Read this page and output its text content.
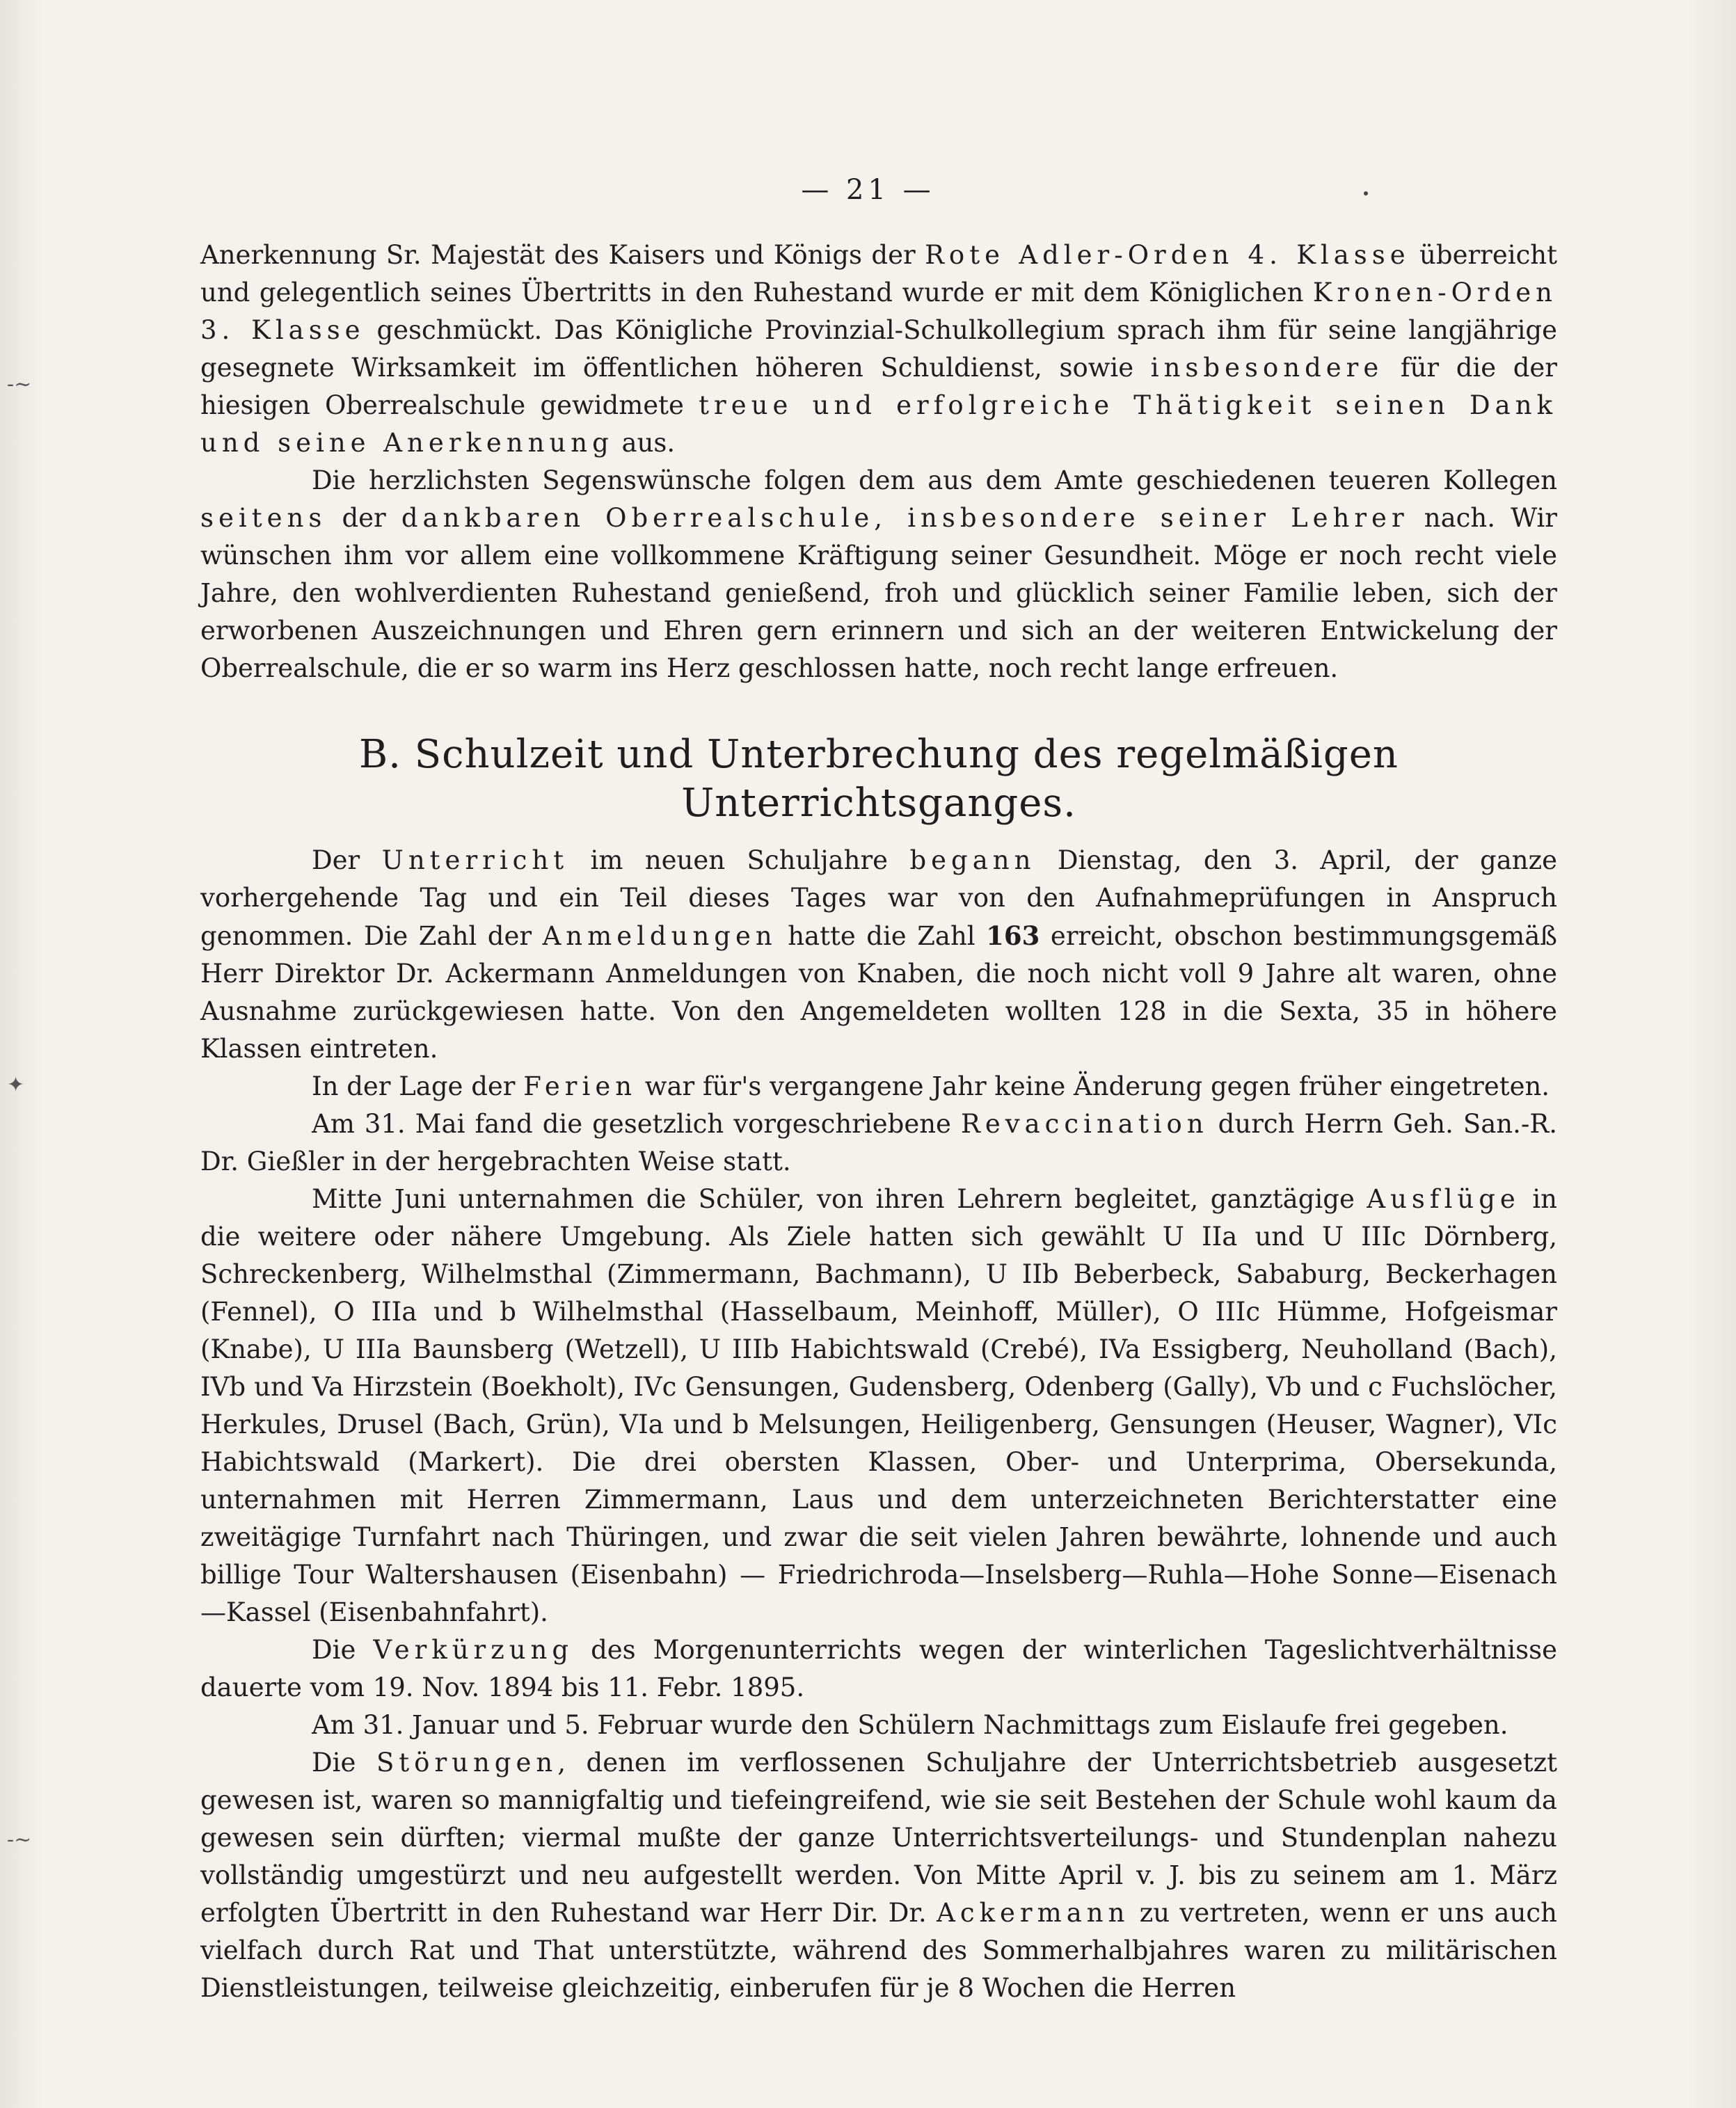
-~
✦
-~
— 21 —

Anerkennung Sr. Majestät des Kaisers und Königs der Rote Adler-Orden 4. Klasse überreicht und gelegentlich seines Übertritts in den Ruhestand wurde er mit dem Königlichen Kronen-Orden 3. Klasse geschmückt. Das Königliche Provinzial-Schulkollegium sprach ihm für seine langjährige gesegnete Wirksamkeit im öffentlichen höheren Schuldienst, sowie insbesondere für die der hiesigen Oberrealschule gewidmete treue und erfolgreiche Thätigkeit seinen Dank und seine Anerkennung aus.

Die herzlichsten Segenswünsche folgen dem aus dem Amte geschiedenen teueren Kollegen seitens der dankbaren Oberrealschule, insbesondere seiner Lehrer nach. Wir wünschen ihm vor allem eine vollkommene Kräftigung seiner Gesundheit. Möge er noch recht viele Jahre, den wohlverdienten Ruhestand genießend, froh und glücklich seiner Familie leben, sich der erworbenen Auszeichnungen und Ehren gern erinnern und sich an der weiteren Entwickelung der Oberrealschule, die er so warm ins Herz geschlossen hatte, noch recht lange erfreuen.

B. Schulzeit und Unterbrechung des regelmäßigen Unterrichtsganges.

Der Unterricht im neuen Schuljahre begann Dienstag, den 3. April, der ganze vorhergehende Tag und ein Teil dieses Tages war von den Aufnahmeprüfungen in Anspruch genommen. Die Zahl der Anmeldungen hatte die Zahl 163 erreicht, obschon bestimmungsgemäß Herr Direktor Dr. Ackermann Anmeldungen von Knaben, die noch nicht voll 9 Jahre alt waren, ohne Ausnahme zurückgewiesen hatte. Von den Angemeldeten wollten 128 in die Sexta, 35 in höhere Klassen eintreten.

In der Lage der Ferien war für's vergangene Jahr keine Änderung gegen früher eingetreten.

Am 31. Mai fand die gesetzlich vorgeschriebene Revaccination durch Herrn Geh. San.-R. Dr. Gießler in der hergebrachten Weise statt.

Mitte Juni unternahmen die Schüler, von ihren Lehrern begleitet, ganztägige Ausflüge in die weitere oder nähere Umgebung. Als Ziele hatten sich gewählt U IIa und U IIIc Dörnberg, Schreckenberg, Wilhelmsthal (Zimmermann, Bachmann), U IIb Beberbeck, Sababurg, Beckerhagen (Fennel), O IIIa und b Wilhelmsthal (Hasselbaum, Meinhoff, Müller), O IIIc Hümme, Hofgeismar (Knabe), U IIIa Baunsberg (Wetzell), U IIIb Habichtswald (Crebé), IVa Essigberg, Neuholland (Bach), IVb und Va Hirzstein (Boekholt), IVc Gensungen, Gudensberg, Odenberg (Gally), Vb und c Fuchslöcher, Herkules, Drusel (Bach, Grün), VIa und b Melsungen, Heiligenberg, Gensungen (Heuser, Wagner), VIc Habichtswald (Markert). Die drei obersten Klassen, Ober- und Unterprima, Obersekunda, unternahmen mit Herren Zimmermann, Laus und dem unterzeichneten Berichterstatter eine zweitägige Turnfahrt nach Thüringen, und zwar die seit vielen Jahren bewährte, lohnende und auch billige Tour Waltershausen (Eisenbahn) — Friedrichroda—Inselsberg—Ruhla—Hohe Sonne—Eisenach—Kassel (Eisenbahnfahrt).

Die Verkürzung des Morgenunterrichts wegen der winterlichen Tageslichtverhältnisse dauerte vom 19. Nov. 1894 bis 11. Febr. 1895.

Am 31. Januar und 5. Februar wurde den Schülern Nachmittags zum Eislaufe frei gegeben.

Die Störungen, denen im verflossenen Schuljahre der Unterrichtsbetrieb ausgesetzt gewesen ist, waren so mannigfaltig und tiefeingreifend, wie sie seit Bestehen der Schule wohl kaum da gewesen sein dürften; viermal mußte der ganze Unterrichtsverteilungs- und Stundenplan nahezu vollständig umgestürzt und neu aufgestellt werden. Von Mitte April v. J. bis zu seinem am 1. März erfolgten Übertritt in den Ruhestand war Herr Dir. Dr. Ackermann zu vertreten, wenn er uns auch vielfach durch Rat und That unterstützte, während des Sommerhalbjahres waren zu militärischen Dienstleistungen, teilweise gleichzeitig, einberufen für je 8 Wochen die Herren
